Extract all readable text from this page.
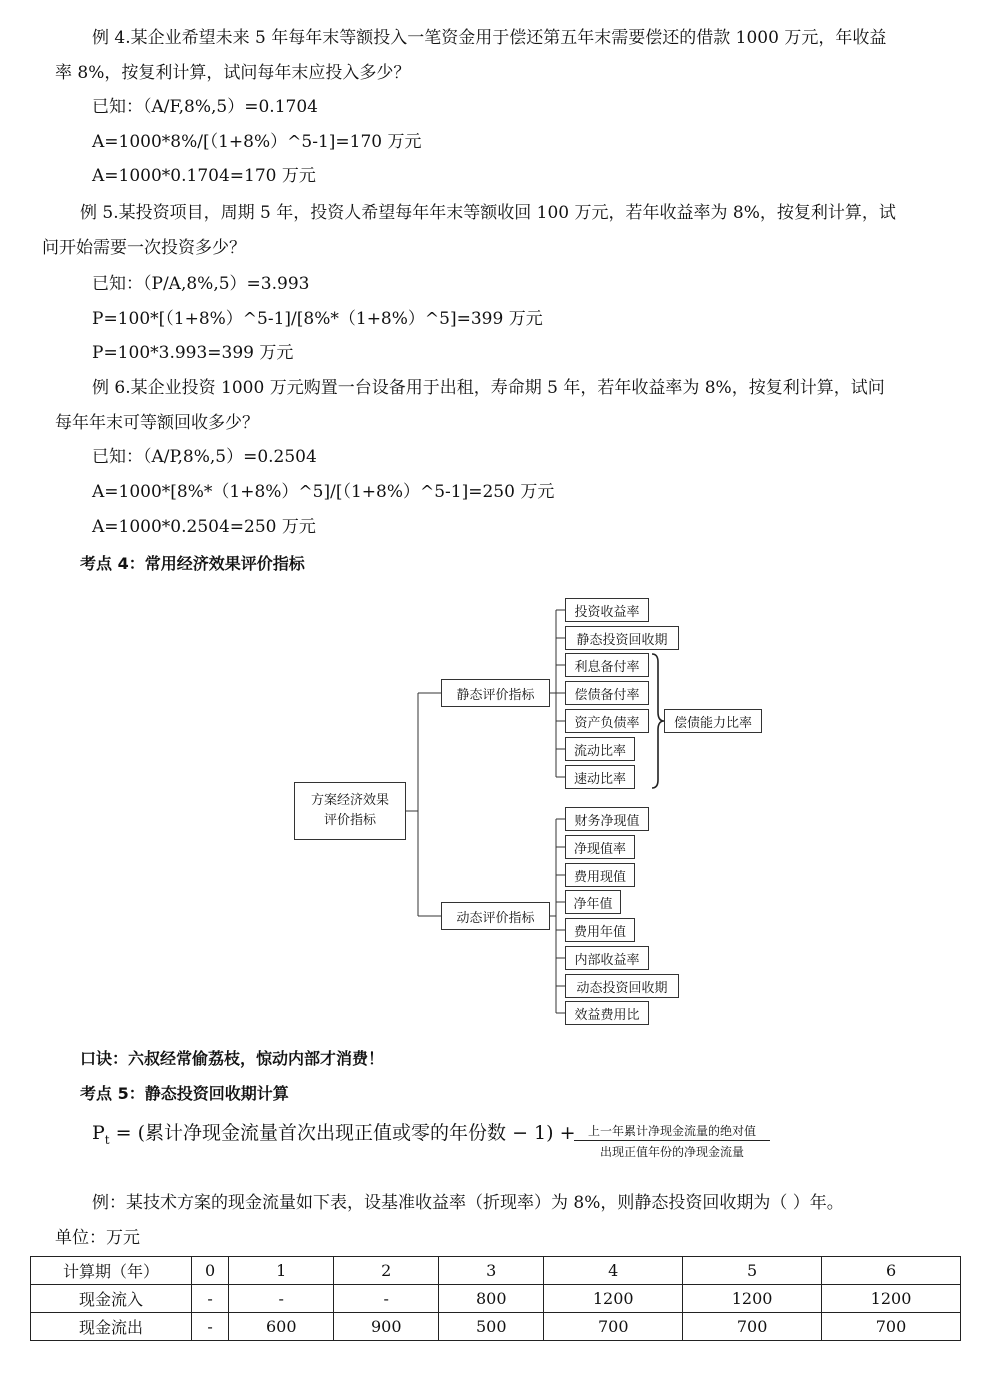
例 4.某企业希望未来 5 年每年末等额投入一笔资金用于偿还第五年末需要偿还的借款 1000 万元，年收益
率 8%，按复利计算，试问每年末应投入多少？
已知：（A/F,8%,5）=0.1704
A=1000*8%/[（1+8%）^5-1]=170 万元
A=1000*0.1704=170 万元
例 5.某投资项目，周期 5 年，投资人希望每年年末等额收回 100 万元，若年收益率为 8%，按复利计算，试
问开始需要一次投资多少？
已知：（P/A,8%,5）=3.993
P=100*[（1+8%）^5-1]/[8%*（1+8%）^5]=399 万元
P=100*3.993=399 万元
例 6.某企业投资 1000 万元购置一台设备用于出租，寿命期 5 年，若年收益率为 8%，按复利计算，试问
每年年末可等额回收多少？
已知：（A/P,8%,5）=0.2504
A=1000*[8%*（1+8%）^5]/[（1+8%）^5-1]=250 万元
A=1000*0.2504=250 万元
考点 4：常用经济效果评价指标
方案经济效果
评价指标
静态评价指标
动态评价指标
投资收益率
静态投资回收期
利息备付率
偿债备付率
资产负债率
流动比率
速动比率
偿债能力比率
财务净现值
净现值率
费用现值
净年值
费用年值
内部收益率
动态投资回收期
效益费用比
口诀：六叔经常偷荔枝，惊动内部才消费！
考点 5：静态投资回收期计算
$P_t$ = (累计净现金流量首次出现正值或零的年份数 − 1) +	上一年累计净现金流量的绝对值
出现正值年份的净现金流量
例：某技术方案的现金流量如下表，设基准收益率（折现率）为 8%，则静态投资回收期为（ ）年。
单位：万元
计算期（年）	0	1	2	3	4	5	6
现金流入	-	-	-	800	1200	1200	1200
现金流出	-	600	900	500	700	700	700
